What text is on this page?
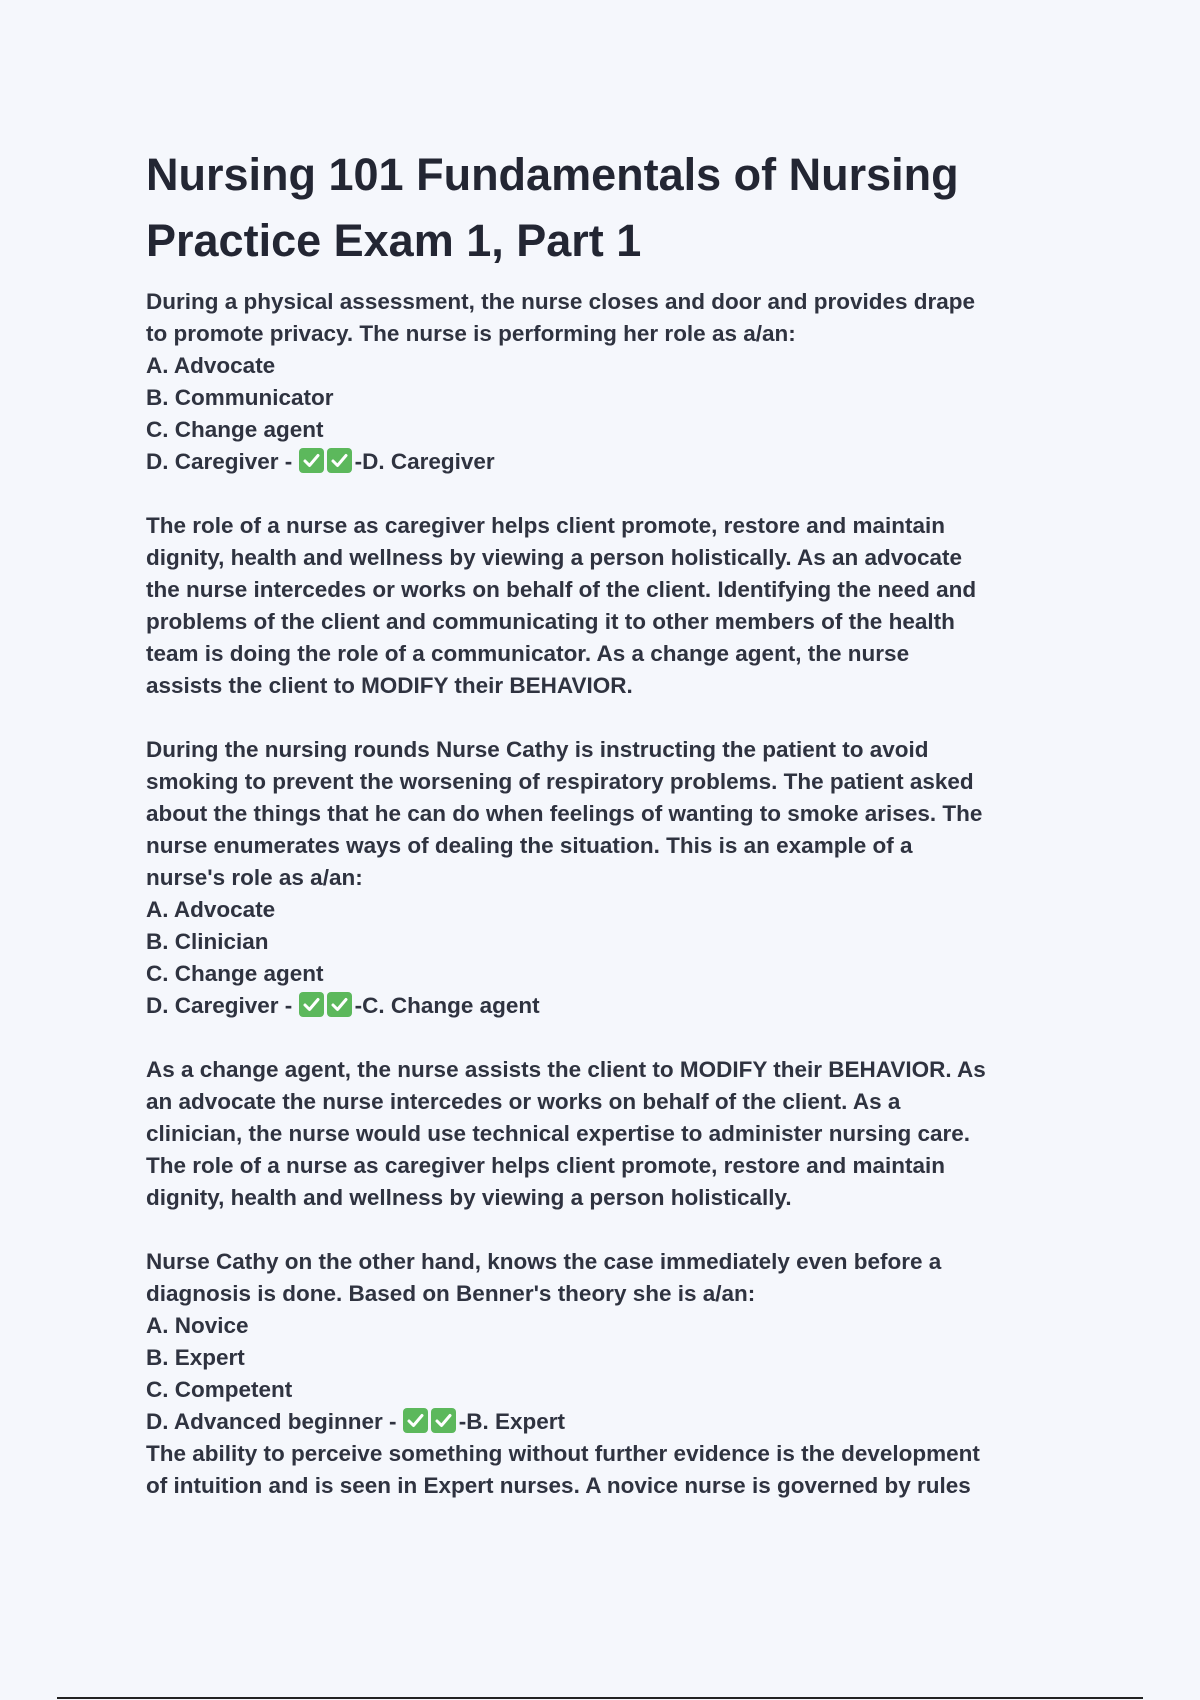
Nursing 101 Fundamentals of Nursing Practice Exam 1, Part 1
During a physical assessment, the nurse closes and door and provides drape
to promote privacy. The nurse is performing her role as a/an:
A. Advocate
B. Communicator
C. Change agent
D. Caregiver -	-D. Caregiver
The role of a nurse as caregiver helps client promote, restore and maintain
dignity, health and wellness by viewing a person holistically. As an advocate
the nurse intercedes or works on behalf of the client. Identifying the need and
problems of the client and communicating it to other members of the health
team is doing the role of a communicator. As a change agent, the nurse
assists the client to MODIFY their BEHAVIOR.
During the nursing rounds Nurse Cathy is instructing the patient to avoid
smoking to prevent the worsening of respiratory problems. The patient asked
about the things that he can do when feelings of wanting to smoke arises. The
nurse enumerates ways of dealing the situation. This is an example of a
nurse's role as a/an:
A. Advocate
B. Clinician
C. Change agent
D. Caregiver -	-C. Change agent
As a change agent, the nurse assists the client to MODIFY their BEHAVIOR. As
an advocate the nurse intercedes or works on behalf of the client. As a
clinician, the nurse would use technical expertise to administer nursing care.
The role of a nurse as caregiver helps client promote, restore and maintain
dignity, health and wellness by viewing a person holistically.
Nurse Cathy on the other hand, knows the case immediately even before a
diagnosis is done. Based on Benner's theory she is a/an:
A. Novice
B. Expert
C. Competent
D. Advanced beginner -	-B. Expert
The ability to perceive something without further evidence is the development
of intuition and is seen in Expert nurses. A novice nurse is governed by rules
